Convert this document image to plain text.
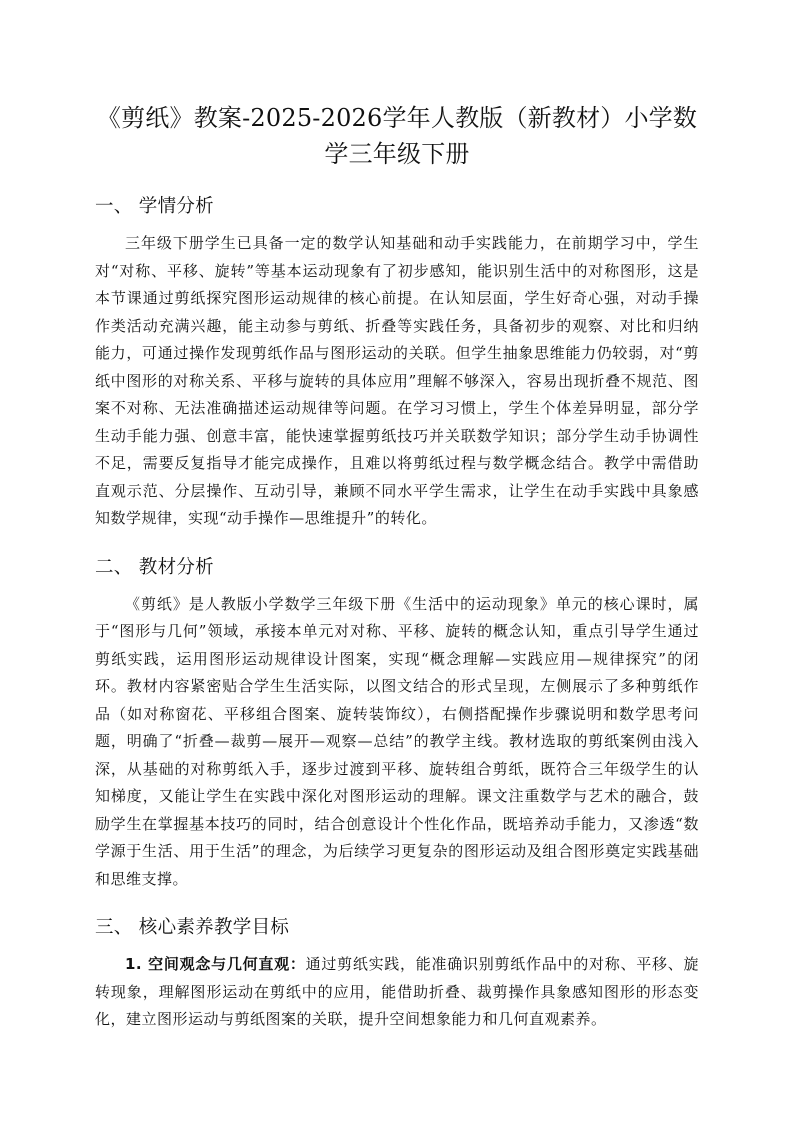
《剪纸》教案-2025-2026学年人教版（新教材）小学数学三年级下册
一、 学情分析

三年级下册学生已具备一定的数学认知基础和动手实践能力，在前期学习中，学生对“对称、平移、旋转”等基本运动现象有了初步感知，能识别生活中的对称图形，这是本节课通过剪纸探究图形运动规律的核心前提。在认知层面，学生好奇心强，对动手操作类活动充满兴趣，能主动参与剪纸、折叠等实践任务，具备初步的观察、对比和归纳能力，可通过操作发现剪纸作品与图形运动的关联。但学生抽象思维能力仍较弱，对“剪纸中图形的对称关系、平移与旋转的具体应用”理解不够深入，容易出现折叠不规范、图案不对称、无法准确描述运动规律等问题。在学习习惯上，学生个体差异明显，部分学生动手能力强、创意丰富，能快速掌握剪纸技巧并关联数学知识；部分学生动手协调性不足，需要反复指导才能完成操作，且难以将剪纸过程与数学概念结合。教学中需借助直观示范、分层操作、互动引导，兼顾不同水平学生需求，让学生在动手实践中具象感知数学规律，实现“动手操作—思维提升”的转化。

二、 教材分析

《剪纸》是人教版小学数学三年级下册《生活中的运动现象》单元的核心课时，属于“图形与几何”领域，承接本单元对对称、平移、旋转的概念认知，重点引导学生通过剪纸实践，运用图形运动规律设计图案，实现“概念理解—实践应用—规律探究”的闭环。教材内容紧密贴合学生生活实际，以图文结合的形式呈现，左侧展示了多种剪纸作品（如对称窗花、平移组合图案、旋转装饰纹），右侧搭配操作步骤说明和数学思考问题，明确了“折叠—裁剪—展开—观察—总结”的教学主线。教材选取的剪纸案例由浅入深，从基础的对称剪纸入手，逐步过渡到平移、旋转组合剪纸，既符合三年级学生的认知梯度，又能让学生在实践中深化对图形运动的理解。课文注重数学与艺术的融合，鼓励学生在掌握基本技巧的同时，结合创意设计个性化作品，既培养动手能力，又渗透“数学源于生活、用于生活”的理念，为后续学习更复杂的图形运动及组合图形奠定实践基础和思维支撑。

三、 核心素养教学目标

1. 空间观念与几何直观：通过剪纸实践，能准确识别剪纸作品中的对称、平移、旋转现象，理解图形运动在剪纸中的应用，能借助折叠、裁剪操作具象感知图形的形态变化，建立图形运动与剪纸图案的关联，提升空间想象能力和几何直观素养。
